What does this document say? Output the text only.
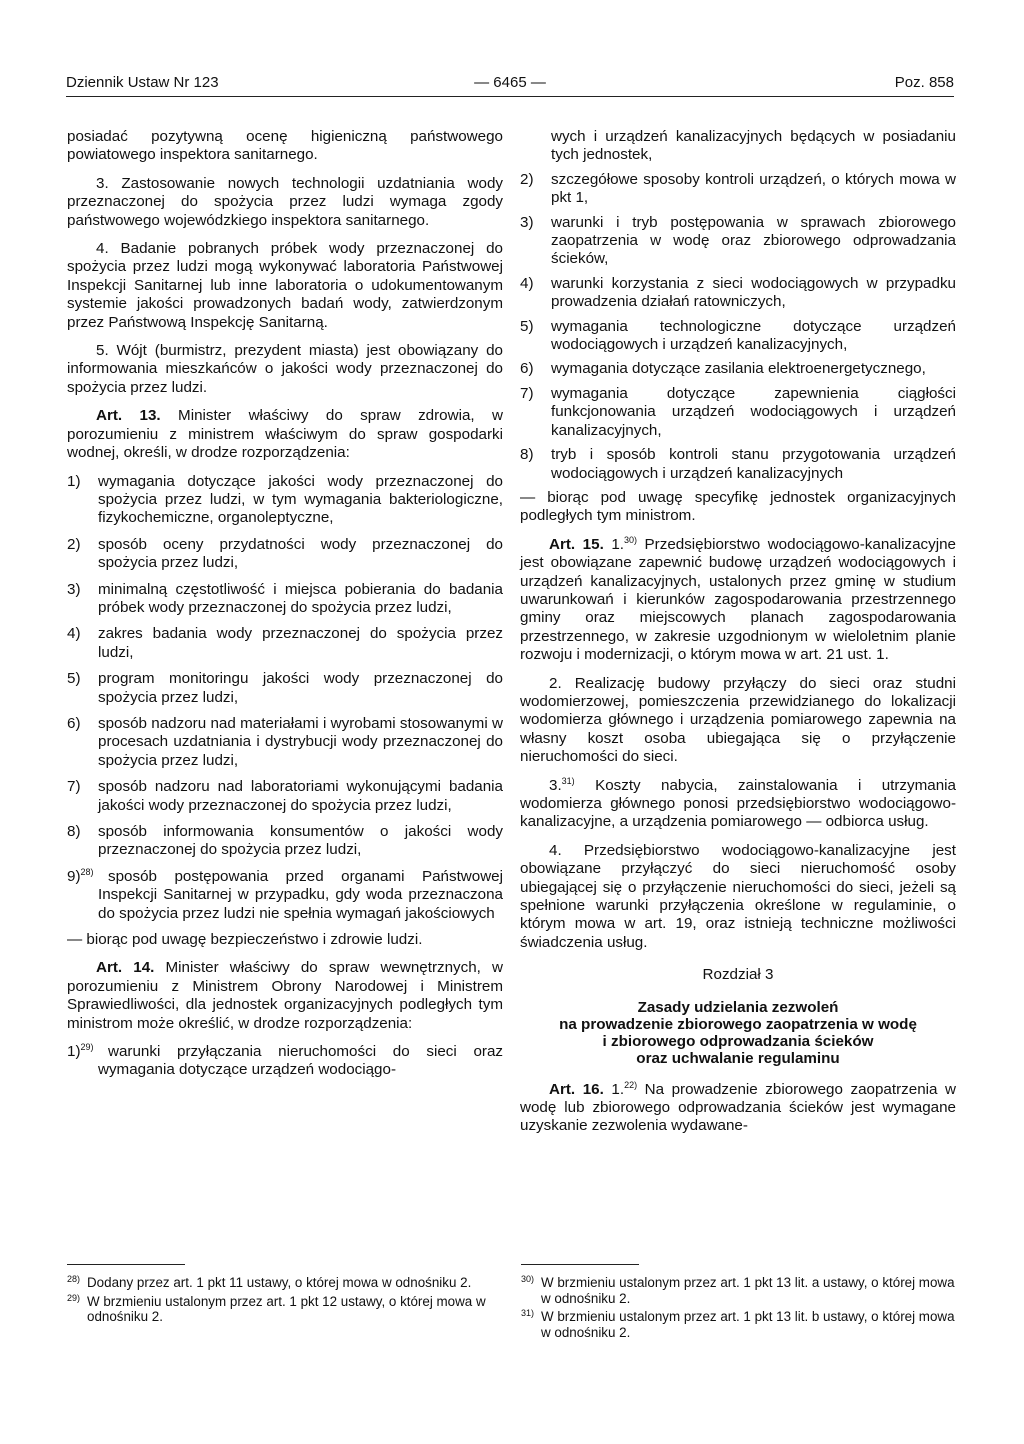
Dziennik Ustaw Nr 123	— 6465 —	Poz. 858

posiadać pozytywną ocenę higieniczną państwowego powiatowego inspektora sanitarnego.

3. Zastosowanie nowych technologii uzdatniania wody przeznaczonej do spożycia przez ludzi wymaga zgody państwowego wojewódzkiego inspektora sanitarnego.

4. Badanie pobranych próbek wody przeznaczonej do spożycia przez ludzi mogą wykonywać laboratoria Państwowej Inspekcji Sanitarnej lub inne laboratoria o udokumentowanym systemie jakości prowadzonych badań wody, zatwierdzonym przez Państwową Inspekcję Sanitarną.

5. Wójt (burmistrz, prezydent miasta) jest obowiązany do informowania mieszkańców o jakości wody przeznaczonej do spożycia przez ludzi.

Art. 13. Minister właściwy do spraw zdrowia, w porozumieniu z ministrem właściwym do spraw gospodarki wodnej, określi, w drodze rozporządzenia:

1) wymagania dotyczące jakości wody przeznaczonej do spożycia przez ludzi, w tym wymagania bakteriologiczne, fizykochemiczne, organoleptyczne,
2) sposób oceny przydatności wody przeznaczonej do spożycia przez ludzi,
3) minimalną częstotliwość i miejsca pobierania do badania próbek wody przeznaczonej do spożycia przez ludzi,
4) zakres badania wody przeznaczonej do spożycia przez ludzi,
5) program monitoringu jakości wody przeznaczonej do spożycia przez ludzi,
6) sposób nadzoru nad materiałami i wyrobami stosowanymi w procesach uzdatniania i dystrybucji wody przeznaczonej do spożycia przez ludzi,
7) sposób nadzoru nad laboratoriami wykonującymi badania jakości wody przeznaczonej do spożycia przez ludzi,
8) sposób informowania konsumentów o jakości wody przeznaczonej do spożycia przez ludzi,
9)$^{28)}$ sposób postępowania przed organami Państwowej Inspekcji Sanitarnej w przypadku, gdy woda przeznaczona do spożycia przez ludzi nie spełnia wymagań jakościowych

— biorąc pod uwagę bezpieczeństwo i zdrowie ludzi.

Art. 14. Minister właściwy do spraw wewnętrznych, w porozumieniu z Ministrem Obrony Narodowej i Ministrem Sprawiedliwości, dla jednostek organizacyjnych podległych tym ministrom może określić, w drodze rozporządzenia:

1)$^{29)}$ warunki przyłączania nieruchomości do sieci oraz wymagania dotyczące urządzeń wodociągo-

wych i urządzeń kanalizacyjnych będących w posiadaniu tych jednostek,

2) szczegółowe sposoby kontroli urządzeń, o których mowa w pkt 1,
3) warunki i tryb postępowania w sprawach zbiorowego zaopatrzenia w wodę oraz zbiorowego odprowadzania ścieków,
4) warunki korzystania z sieci wodociągowych w przypadku prowadzenia działań ratowniczych,
5) wymagania technologiczne dotyczące urządzeń wodociągowych i urządzeń kanalizacyjnych,
6) wymagania dotyczące zasilania elektroenergetycznego,
7) wymagania dotyczące zapewnienia ciągłości funkcjonowania urządzeń wodociągowych i urządzeń kanalizacyjnych,
8) tryb i sposób kontroli stanu przygotowania urządzeń wodociągowych i urządzeń kanalizacyjnych

— biorąc pod uwagę specyfikę jednostek organizacyjnych podległych tym ministrom.

Art. 15. 1.$^{30)}$ Przedsiębiorstwo wodociągowo-kanalizacyjne jest obowiązane zapewnić budowę urządzeń wodociągowych i urządzeń kanalizacyjnych, ustalonych przez gminę w studium uwarunkowań i kierunków zagospodarowania przestrzennego gminy oraz miejscowych planach zagospodarowania przestrzennego, w zakresie uzgodnionym w wieloletnim planie rozwoju i modernizacji, o którym mowa w art. 21 ust. 1.

2. Realizację budowy przyłączy do sieci oraz studni wodomierzowej, pomieszczenia przewidzianego do lokalizacji wodomierza głównego i urządzenia pomiarowego zapewnia na własny koszt osoba ubiegająca się o przyłączenie nieruchomości do sieci.

3.$^{31)}$ Koszty nabycia, zainstalowania i utrzymania wodomierza głównego ponosi przedsiębiorstwo wodociągowo-kanalizacyjne, a urządzenia pomiarowego — odbiorca usług.

4. Przedsiębiorstwo wodociągowo-kanalizacyjne jest obowiązane przyłączyć do sieci nieruchomość osoby ubiegającej się o przyłączenie nieruchomości do sieci, jeżeli są spełnione warunki przyłączenia określone w regulaminie, o którym mowa w art. 19, oraz istnieją techniczne możliwości świadczenia usług.

Rozdział 3

Zasady udzielania zezwoleń
na prowadzenie zbiorowego zaopatrzenia w wodę
i zbiorowego odprowadzania ścieków
oraz uchwalanie regulaminu

Art. 16. 1.$^{22)}$ Na prowadzenie zbiorowego zaopatrzenia w wodę lub zbiorowego odprowadzania ścieków jest wymagane uzyskanie zezwolenia wydawane-

28) Dodany przez art. 1 pkt 11 ustawy, o której mowa w odnośniku 2.
29) W brzmieniu ustalonym przez art. 1 pkt 12 ustawy, o której mowa w odnośniku 2.
30) W brzmieniu ustalonym przez art. 1 pkt 13 lit. a ustawy, o której mowa w odnośniku 2.
31) W brzmieniu ustalonym przez art. 1 pkt 13 lit. b ustawy, o której mowa w odnośniku 2.
